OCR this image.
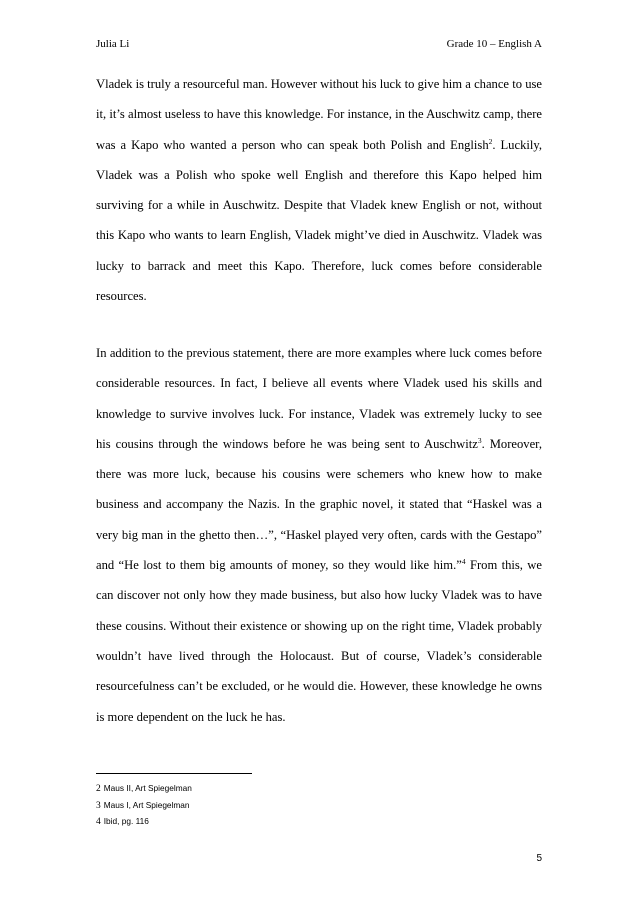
Julia Li	Grade 10 – English A

Vladek is truly a resourceful man. However without his luck to give him a chance to use it, it’s almost useless to have this knowledge. For instance, in the Auschwitz camp, there was a Kapo who wanted a person who can speak both Polish and English$^2$. Luckily, Vladek was a Polish who spoke well English and therefore this Kapo helped him surviving for a while in Auschwitz. Despite that Vladek knew English or not, without this Kapo who wants to learn English, Vladek might’ve died in Auschwitz. Vladek was lucky to barrack and meet this Kapo. Therefore, luck comes before considerable resources.

In addition to the previous statement, there are more examples where luck comes before considerable resources. In fact, I believe all events where Vladek used his skills and knowledge to survive involves luck. For instance, Vladek was extremely lucky to see his cousins through the windows before he was being sent to Auschwitz$^3$. Moreover, there was more luck, because his cousins were schemers who knew how to make business and accompany the Nazis. In the graphic novel, it stated that “Haskel was a very big man in the ghetto then…”, “Haskel played very often, cards with the Gestapo” and “He lost to them big amounts of money, so they would like him.”$^4$ From this, we can discover not only how they made business, but also how lucky Vladek was to have these cousins. Without their existence or showing up on the right time, Vladek probably wouldn’t have lived through the Holocaust. But of course, Vladek’s considerable resourcefulness can’t be excluded, or he would die. However, these knowledge he owns is more dependent on the luck he has.

2 Maus II, Art Spiegelman
3 Maus I, Art Spiegelman
4 Ibid, pg. 116
5
